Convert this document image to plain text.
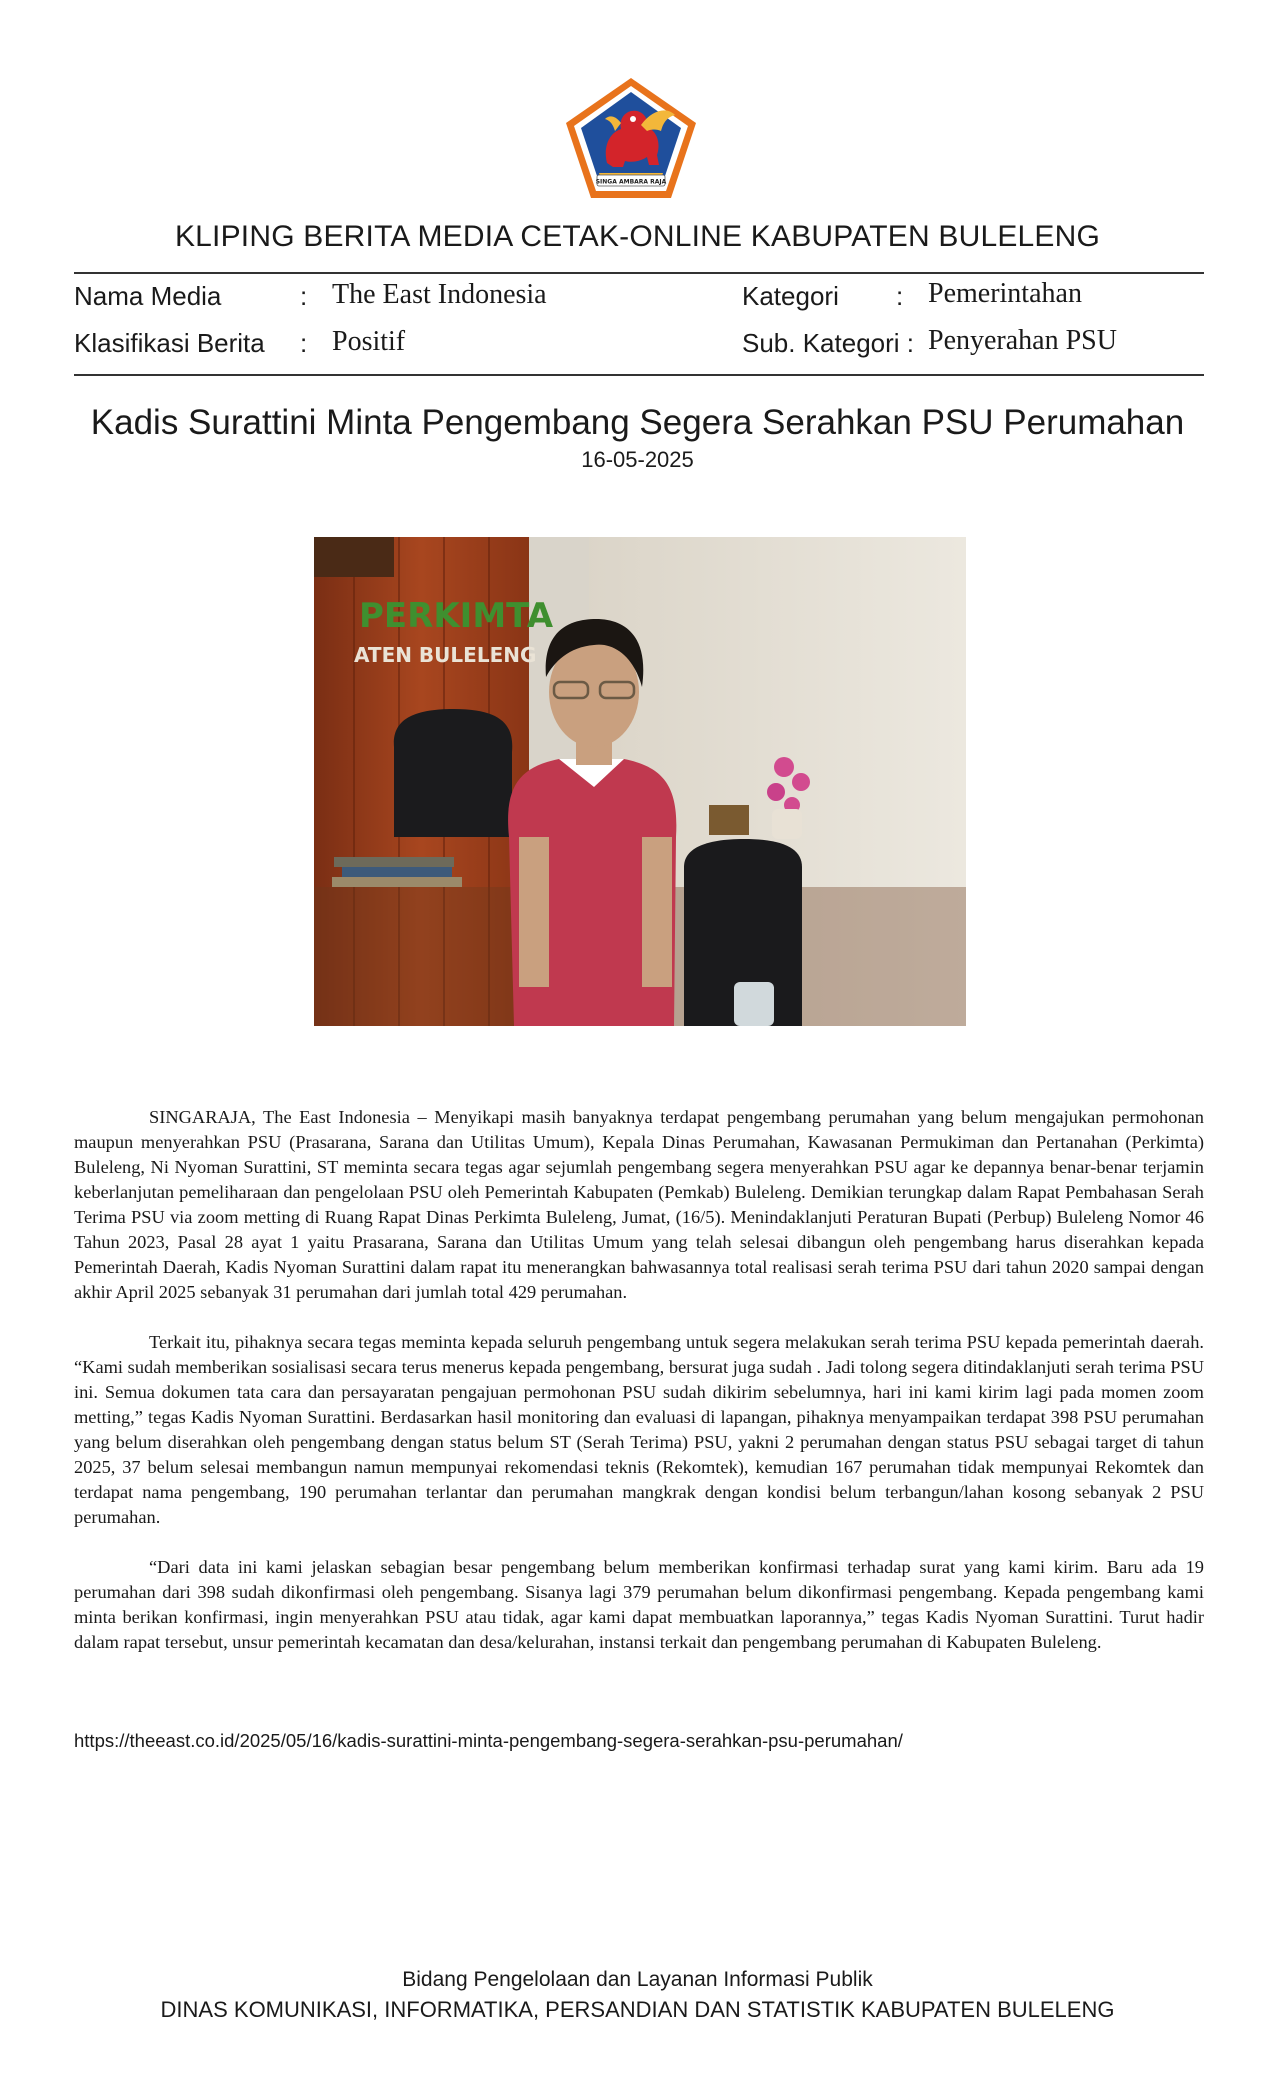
SINGA AMBARA RAJA
KLIPING BERITA MEDIA CETAK-ONLINE KABUPATEN BULELENG
Nama Media	: The East Indonesia	Kategori : Pemerintahan
Klasifikasi Berita : Positif	Sub. Kategori : Penyerahan PSU
Kadis Surattini Minta Pengembang Segera Serahkan PSU Perumahan
16-05-2025
PERKIMTA
ATEN BULELENG

SINGARAJA, The East Indonesia – Menyikapi masih banyaknya terdapat pengembang perumahan yang belum mengajukan permohonan maupun menyerahkan PSU (Prasarana, Sarana dan Utilitas Umum), Kepala Dinas Perumahan, Kawasanan Permukiman dan Pertanahan (Perkimta) Buleleng, Ni Nyoman Surattini, ST meminta secara tegas agar sejumlah pengembang segera menyerahkan PSU agar ke depannya benar-benar terjamin keberlanjutan pemeliharaan dan pengelolaan PSU oleh Pemerintah Kabupaten (Pemkab) Buleleng. Demikian terungkap dalam Rapat Pembahasan Serah Terima PSU via zoom metting di Ruang Rapat Dinas Perkimta Buleleng, Jumat, (16/5). Menindaklanjuti Peraturan Bupati (Perbup) Buleleng Nomor 46 Tahun 2023, Pasal 28 ayat 1 yaitu Prasarana, Sarana dan Utilitas Umum yang telah selesai dibangun oleh pengembang harus diserahkan kepada Pemerintah Daerah, Kadis Nyoman Surattini dalam rapat itu menerangkan bahwasannya total realisasi serah terima PSU dari tahun 2020 sampai dengan akhir April 2025 sebanyak 31 perumahan dari jumlah total 429 perumahan.

Terkait itu, pihaknya secara tegas meminta kepada seluruh pengembang untuk segera melakukan serah terima PSU kepada pemerintah daerah. “Kami sudah memberikan sosialisasi secara terus menerus kepada pengembang, bersurat juga sudah . Jadi tolong segera ditindaklanjuti serah terima PSU ini. Semua dokumen tata cara dan persayaratan pengajuan permohonan PSU sudah dikirim sebelumnya, hari ini kami kirim lagi pada momen zoom metting,” tegas Kadis Nyoman Surattini. Berdasarkan hasil monitoring dan evaluasi di lapangan, pihaknya menyampaikan terdapat 398 PSU perumahan yang belum diserahkan oleh pengembang dengan status belum ST (Serah Terima) PSU, yakni 2 perumahan dengan status PSU sebagai target di tahun 2025, 37 belum selesai membangun namun mempunyai rekomendasi teknis (Rekomtek), kemudian 167 perumahan tidak mempunyai Rekomtek dan terdapat nama pengembang, 190 perumahan terlantar dan perumahan mangkrak dengan kondisi belum terbangun/lahan kosong sebanyak 2 PSU perumahan.

“Dari data ini kami jelaskan sebagian besar pengembang belum memberikan konfirmasi terhadap surat yang kami kirim. Baru ada 19 perumahan dari 398 sudah dikonfirmasi oleh pengembang. Sisanya lagi 379 perumahan belum dikonfirmasi pengembang. Kepada pengembang kami minta berikan konfirmasi, ingin menyerahkan PSU atau tidak, agar kami dapat membuatkan laporannya,” tegas Kadis Nyoman Surattini. Turut hadir dalam rapat tersebut, unsur pemerintah kecamatan dan desa/kelurahan, instansi terkait dan pengembang perumahan di Kabupaten Buleleng.

https://theeast.co.id/2025/05/16/kadis-surattini-minta-pengembang-segera-serahkan-psu-perumahan/
Bidang Pengelolaan dan Layanan Informasi Publik
DINAS KOMUNIKASI, INFORMATIKA, PERSANDIAN DAN STATISTIK KABUPATEN BULELENG
